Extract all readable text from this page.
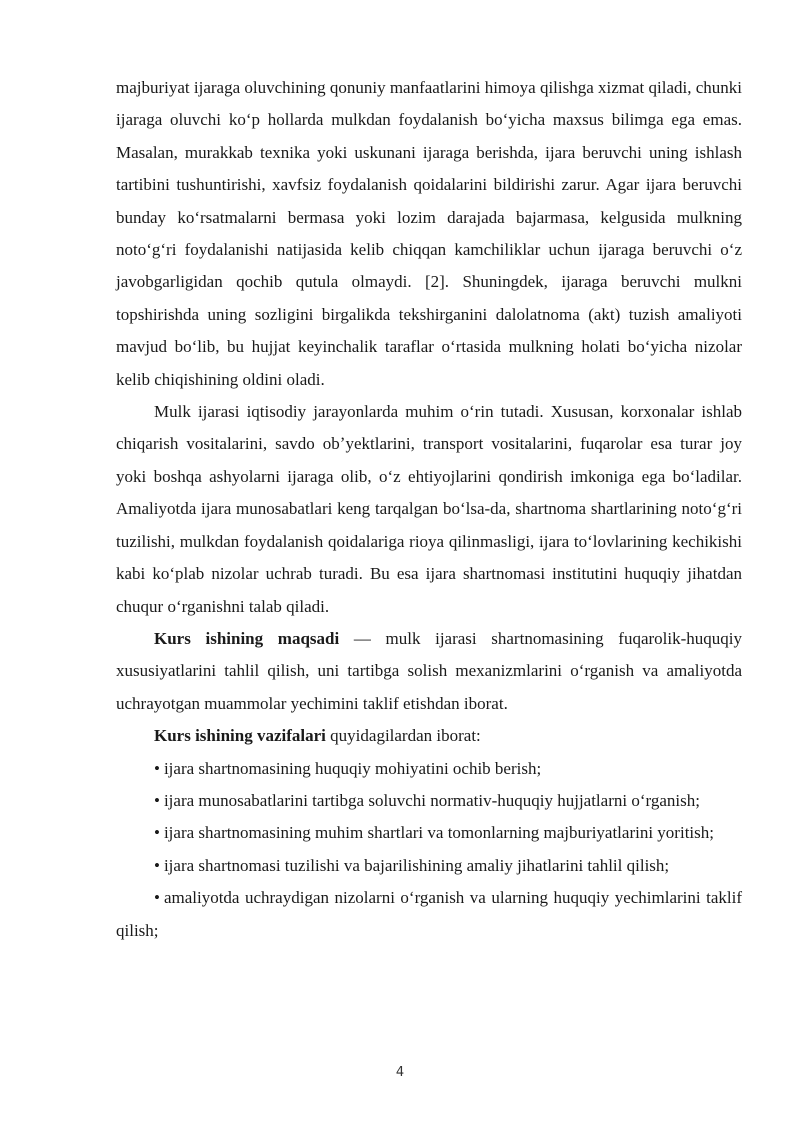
majburiyat ijaraga oluvchining qonuniy manfaatlarini himoya qilishga xizmat qiladi, chunki ijaraga oluvchi koʻp hollarda mulkdan foydalanish boʻyicha maxsus bilimga ega emas. Masalan, murakkab texnika yoki uskunani ijaraga berishda, ijara beruvchi uning ishlash tartibini tushuntirishi, xavfsiz foydalanish qoidalarini bildirishi zarur. Agar ijara beruvchi bunday koʻrsatmalarni bermasa yoki lozim darajada bajarmasa, kelgusida mulkning notoʻgʻri foydalanishi natijasida kelib chiqqan kamchiliklar uchun ijaraga beruvchi oʻz javobgarligidan qochib qutula olmaydi. [2]. Shuningdek, ijaraga beruvchi mulkni topshirishda uning sozligini birgalikda tekshirganini dalolatnoma (akt) tuzish amaliyoti mavjud boʻlib, bu hujjat keyinchalik taraflar oʻrtasida mulkning holati boʻyicha nizolar kelib chiqishining oldini oladi.

Mulk ijarasi iqtisodiy jarayonlarda muhim oʻrin tutadi. Xususan, korxonalar ishlab chiqarish vositalarini, savdo obʼyektlarini, transport vositalarini, fuqarolar esa turar joy yoki boshqa ashyolarni ijaraga olib, oʻz ehtiyojlarini qondirish imkoniga ega boʻladilar. Amaliyotda ijara munosabatlari keng tarqalgan boʻlsa-da, shartnoma shartlarining notoʻgʻri tuzilishi, mulkdan foydalanish qoidalariga rioya qilinmasligi, ijara toʻlovlarining kechikishi kabi koʻplab nizolar uchrab turadi. Bu esa ijara shartnomasi institutini huquqiy jihatdan chuqur oʻrganishni talab qiladi.

Kurs ishining maqsadi — mulk ijarasi shartnomasining fuqarolik-huquqiy xususiyatlarini tahlil qilish, uni tartibga solish mexanizmlarini oʻrganish va amaliyotda uchrayotgan muammolar yechimini taklif etishdan iborat.

Kurs ishining vazifalari quyidagilardan iborat:

• ijara shartnomasining huquqiy mohiyatini ochib berish;

• ijara munosabatlarini tartibga soluvchi normativ-huquqiy hujjatlarni oʻrganish;

• ijara shartnomasining muhim shartlari va tomonlarning majburiyatlarini yoritish;

• ijara shartnomasi tuzilishi va bajarilishining amaliy jihatlarini tahlil qilish;

• amaliyotda uchraydigan nizolarni oʻrganish va ularning huquqiy yechimlarini taklif qilish;

4
